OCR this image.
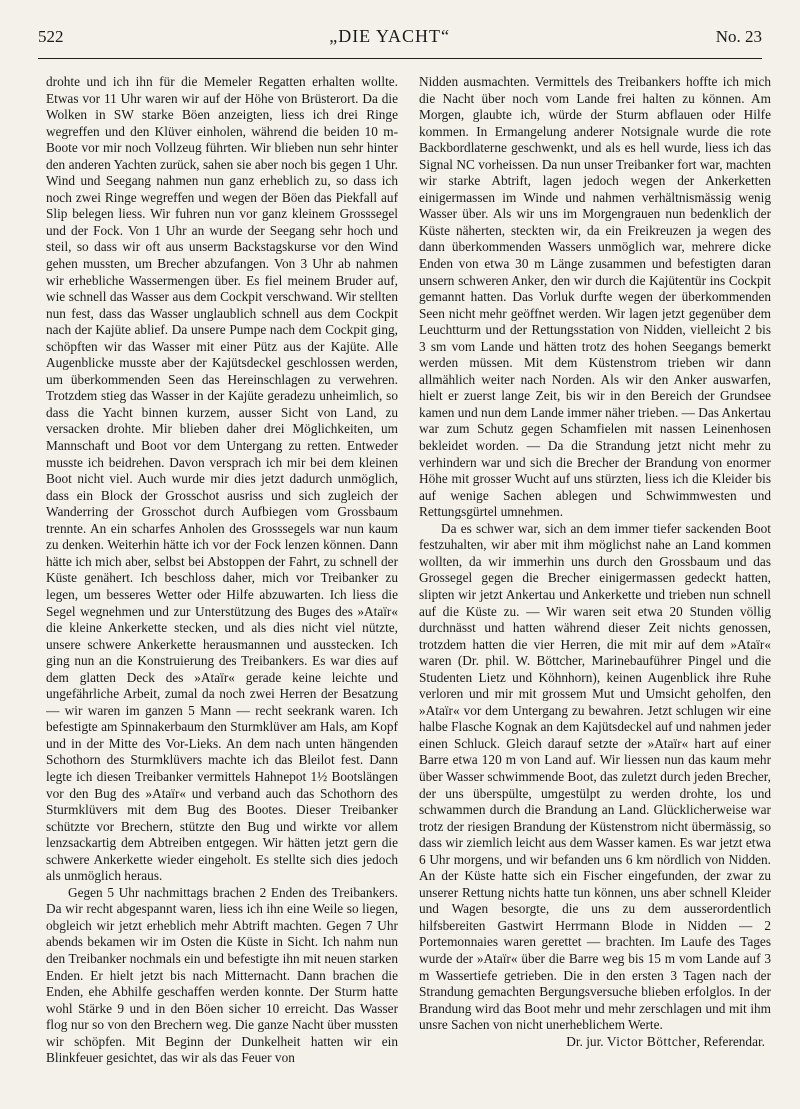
522	„DIE YACHT“	No. 23

drohte und ich ihn für die Memeler Regatten erhalten wollte. Etwas vor 11 Uhr waren wir auf der Höhe von Brüsterort. Da die Wolken in SW starke Böen anzeigten, liess ich drei Ringe wegreffen und den Klüver einholen, während die beiden 10 m-Boote vor mir noch Vollzeug führten. Wir blieben nun sehr hinter den anderen Yachten zurück, sahen sie aber noch bis gegen 1 Uhr. Wind und Seegang nahmen nun ganz erheblich zu, so dass ich noch zwei Ringe wegreffen und wegen der Böen das Piekfall auf Slip belegen liess. Wir fuhren nun vor ganz kleinem Grosssegel und der Fock. Von 1 Uhr an wurde der Seegang sehr hoch und steil, so dass wir oft aus unserm Backstagskurse vor den Wind gehen mussten, um Brecher abzufangen. Von 3 Uhr ab nahmen wir erhebliche Wassermengen über. Es fiel meinem Bruder auf, wie schnell das Wasser aus dem Cockpit verschwand. Wir stellten nun fest, dass das Wasser unglaublich schnell aus dem Cockpit nach der Kajüte ablief. Da unsere Pumpe nach dem Cockpit ging, schöpften wir das Wasser mit einer Pütz aus der Kajüte. Alle Augenblicke musste aber der Kajütsdeckel geschlossen werden, um überkommenden Seen das Hereinschlagen zu verwehren. Trotzdem stieg das Wasser in der Kajüte geradezu unheimlich, so dass die Yacht binnen kurzem, ausser Sicht von Land, zu versacken drohte. Mir blieben daher drei Möglichkeiten, um Mannschaft und Boot vor dem Untergang zu retten. Entweder musste ich beidrehen. Davon versprach ich mir bei dem kleinen Boot nicht viel. Auch wurde mir dies jetzt dadurch unmöglich, dass ein Block der Grosschot ausriss und sich zugleich der Wanderring der Grosschot durch Aufbiegen vom Grossbaum trennte. An ein scharfes Anholen des Grosssegels war nun kaum zu denken. Weiterhin hätte ich vor der Fock lenzen können. Dann hätte ich mich aber, selbst bei Abstoppen der Fahrt, zu schnell der Küste genähert. Ich beschloss daher, mich vor Treibanker zu legen, um besseres Wetter oder Hilfe abzuwarten. Ich liess die Segel wegnehmen und zur Unterstützung des Buges des »Ataïr« die kleine Ankerkette stecken, und als dies nicht viel nützte, unsere schwere Ankerkette herausmannen und ausstecken. Ich ging nun an die Konstruierung des Treibankers. Es war dies auf dem glatten Deck des »Ataïr« gerade keine leichte und ungefährliche Arbeit, zumal da noch zwei Herren der Besatzung — wir waren im ganzen 5 Mann — recht seekrank waren. Ich befestigte am Spinnakerbaum den Sturmklüver am Hals, am Kopf und in der Mitte des Vor-Lieks. An dem nach unten hängenden Schothorn des Sturmklüvers machte ich das Bleilot fest. Dann legte ich diesen Treibanker vermittels Hahnepot 1½ Bootslängen vor den Bug des »Ataïr« und verband auch das Schothorn des Sturmklüvers mit dem Bug des Bootes. Dieser Treibanker schützte vor Brechern, stützte den Bug und wirkte vor allem lenzsackartig dem Abtreiben entgegen. Wir hätten jetzt gern die schwere Ankerkette wieder eingeholt. Es stellte sich dies jedoch als unmöglich heraus.

Gegen 5 Uhr nachmittags brachen 2 Enden des Treibankers. Da wir recht abgespannt waren, liess ich ihn eine Weile so liegen, obgleich wir jetzt erheblich mehr Abtrift machten. Gegen 7 Uhr abends bekamen wir im Osten die Küste in Sicht. Ich nahm nun den Treibanker nochmals ein und befestigte ihn mit neuen starken Enden. Er hielt jetzt bis nach Mitternacht. Dann brachen die Enden, ehe Abhilfe geschaffen werden konnte. Der Sturm hatte wohl Stärke 9 und in den Böen sicher 10 erreicht. Das Wasser flog nur so von den Brechern weg. Die ganze Nacht über mussten wir schöpfen. Mit Beginn der Dunkelheit hatten wir ein Blinkfeuer gesichtet, das wir als das Feuer von

Nidden ausmachten. Vermittels des Treibankers hoffte ich mich die Nacht über noch vom Lande frei halten zu können. Am Morgen, glaubte ich, würde der Sturm abflauen oder Hilfe kommen. In Ermangelung anderer Notsignale wurde die rote Backbordlaterne geschwenkt, und als es hell wurde, liess ich das Signal NC vorheissen. Da nun unser Treibanker fort war, machten wir starke Abtrift, lagen jedoch wegen der Ankerketten einigermassen im Winde und nahmen verhältnismässig wenig Wasser über. Als wir uns im Morgengrauen nun bedenklich der Küste näherten, steckten wir, da ein Freikreuzen ja wegen des dann überkommenden Wassers unmöglich war, mehrere dicke Enden von etwa 30 m Länge zusammen und befestigten daran unsern schweren Anker, den wir durch die Kajütentür ins Cockpit gemannt hatten. Das Vorluk durfte wegen der überkommenden Seen nicht mehr geöffnet werden. Wir lagen jetzt gegenüber dem Leuchtturm und der Rettungsstation von Nidden, vielleicht 2 bis 3 sm vom Lande und hätten trotz des hohen Seegangs bemerkt werden müssen. Mit dem Küstenstrom trieben wir dann allmählich weiter nach Norden. Als wir den Anker auswarfen, hielt er zuerst lange Zeit, bis wir in den Bereich der Grundsee kamen und nun dem Lande immer näher trieben. — Das Ankertau war zum Schutz gegen Schamfielen mit nassen Leinenhosen bekleidet worden. — Da die Strandung jetzt nicht mehr zu verhindern war und sich die Brecher der Brandung von enormer Höhe mit grosser Wucht auf uns stürzten, liess ich die Kleider bis auf wenige Sachen ablegen und Schwimmwesten und Rettungsgürtel umnehmen.

Da es schwer war, sich an dem immer tiefer sackenden Boot festzuhalten, wir aber mit ihm möglichst nahe an Land kommen wollten, da wir immerhin uns durch den Grossbaum und das Grossegel gegen die Brecher einigermassen gedeckt hatten, slipten wir jetzt Ankertau und Ankerkette und trieben nun schnell auf die Küste zu. — Wir waren seit etwa 20 Stunden völlig durchnässt und hatten während dieser Zeit nichts genossen, trotzdem hatten die vier Herren, die mit mir auf dem »Ataïr« waren (Dr. phil. W. Böttcher, Marinebauführer Pingel und die Studenten Lietz und Köhnhorn), keinen Augenblick ihre Ruhe verloren und mir mit grossem Mut und Umsicht geholfen, den »Ataïr« vor dem Untergang zu bewahren. Jetzt schlugen wir eine halbe Flasche Kognak an dem Kajütsdeckel auf und nahmen jeder einen Schluck. Gleich darauf setzte der »Ataïr« hart auf einer Barre etwa 120 m von Land auf. Wir liessen nun das kaum mehr über Wasser schwimmende Boot, das zuletzt durch jeden Brecher, der uns überspülte, umgestülpt zu werden drohte, los und schwammen durch die Brandung an Land. Glücklicherweise war trotz der riesigen Brandung der Küstenstrom nicht übermässig, so dass wir ziemlich leicht aus dem Wasser kamen. Es war jetzt etwa 6 Uhr morgens, und wir befanden uns 6 km nördlich von Nidden. An der Küste hatte sich ein Fischer eingefunden, der zwar zu unserer Rettung nichts hatte tun können, uns aber schnell Kleider und Wagen besorgte, die uns zu dem ausserordentlich hilfsbereiten Gastwirt Herrmann Blode in Nidden — 2 Portemonnaies waren gerettet — brachten. Im Laufe des Tages wurde der »Ataïr« über die Barre weg bis 15 m vom Lande auf 3 m Wassertiefe getrieben. Die in den ersten 3 Tagen nach der Strandung gemachten Bergungsversuche blieben erfolglos. In der Brandung wird das Boot mehr und mehr zerschlagen und mit ihm unsre Sachen von nicht unerheblichem Werte.

Dr. jur. Victor Böttcher, Referendar.
